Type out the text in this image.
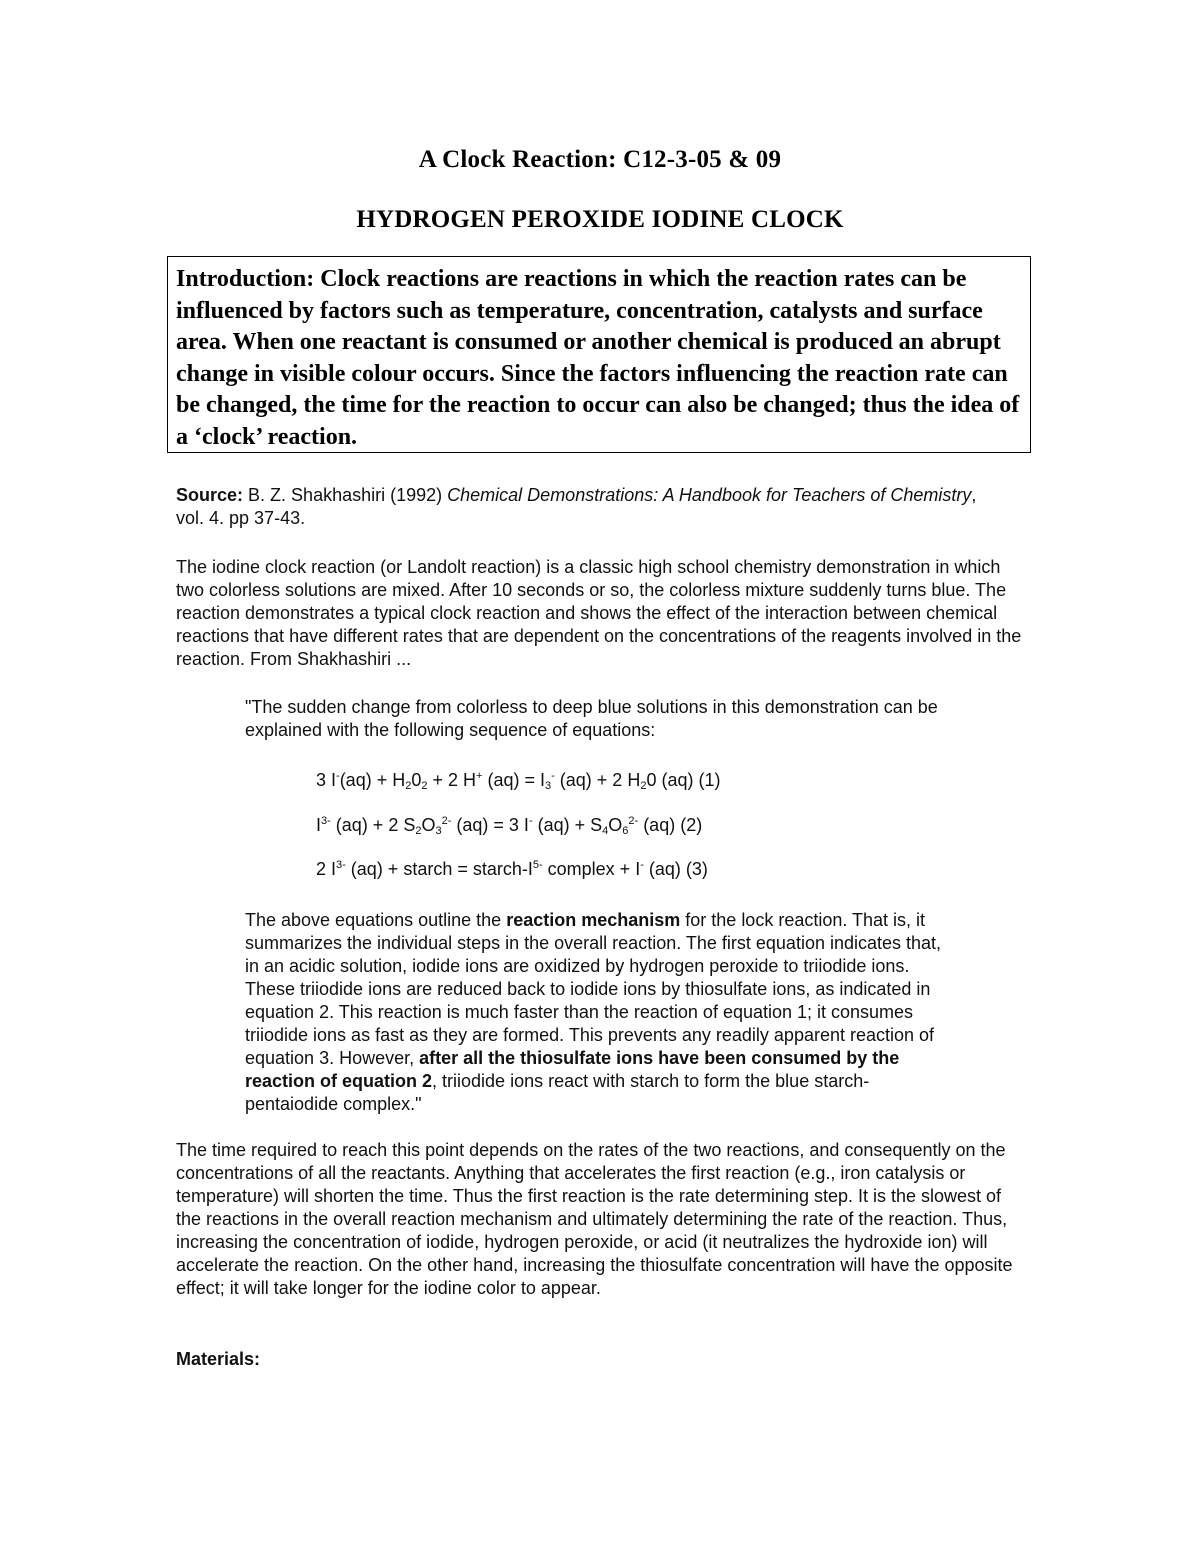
A Clock Reaction: C12-3-05 & 09
HYDROGEN PEROXIDE IODINE CLOCK
Introduction: Clock reactions are reactions in which the reaction rates can be influenced by factors such as temperature, concentration, catalysts and surface area. When one reactant is consumed or another chemical is produced an abrupt change in visible colour occurs. Since the factors influencing the reaction rate can be changed, the time for the reaction to occur can also be changed; thus the idea of a ‘clock’ reaction.

Source: B. Z. Shakhashiri (1992) Chemical Demonstrations: A Handbook for Teachers of Chemistry, vol. 4. pp 37-43.

The iodine clock reaction (or Landolt reaction) is a classic high school chemistry demonstration in which two colorless solutions are mixed. After 10 seconds or so, the colorless mixture suddenly turns blue. The reaction demonstrates a typical clock reaction and shows the effect of the interaction between chemical reactions that have different rates that are dependent on the concentrations of the reagents involved in the reaction. From Shakhashiri ...

"The sudden change from colorless to deep blue solutions in this demonstration can be explained with the following sequence of equations:

3 $I^-(aq) + H_20_2 + 2$ H+ $(aq) = I_3^-$ (aq) + 2 $H_20$ (aq) (1)

$I^{3-}$ (aq) + 2 $S_2O_3^{2-}$ (aq) = 3 I- $(aq) + S_4O_6^{2-}$ (aq) (2)

2 $I^{3-}$ (aq) + starch = starch-$I^{5-}$ complex + I- (aq) (3)

The above equations outline the reaction mechanism for the lock reaction. That is, it summarizes the individual steps in the overall reaction. The first equation indicates that, in an acidic solution, iodide ions are oxidized by hydrogen peroxide to triiodide ions. These triiodide ions are reduced back to iodide ions by thiosulfate ions, as indicated in equation 2. This reaction is much faster than the reaction of equation 1; it consumes triiodide ions as fast as they are formed. This prevents any readily apparent reaction of equation 3. However, after all the thiosulfate ions have been consumed by the reaction of equation 2, triiodide ions react with starch to form the blue starch-pentaiodide complex."

The time required to reach this point depends on the rates of the two reactions, and consequently on the concentrations of all the reactants. Anything that accelerates the first reaction (e.g., iron catalysis or temperature) will shorten the time. Thus the first reaction is the rate determining step. It is the slowest of the reactions in the overall reaction mechanism and ultimately determining the rate of the reaction. Thus, increasing the concentration of iodide, hydrogen peroxide, or acid (it neutralizes the hydroxide ion) will accelerate the reaction. On the other hand, increasing the thiosulfate concentration will have the opposite effect; it will take longer for the iodine color to appear.

Materials:
